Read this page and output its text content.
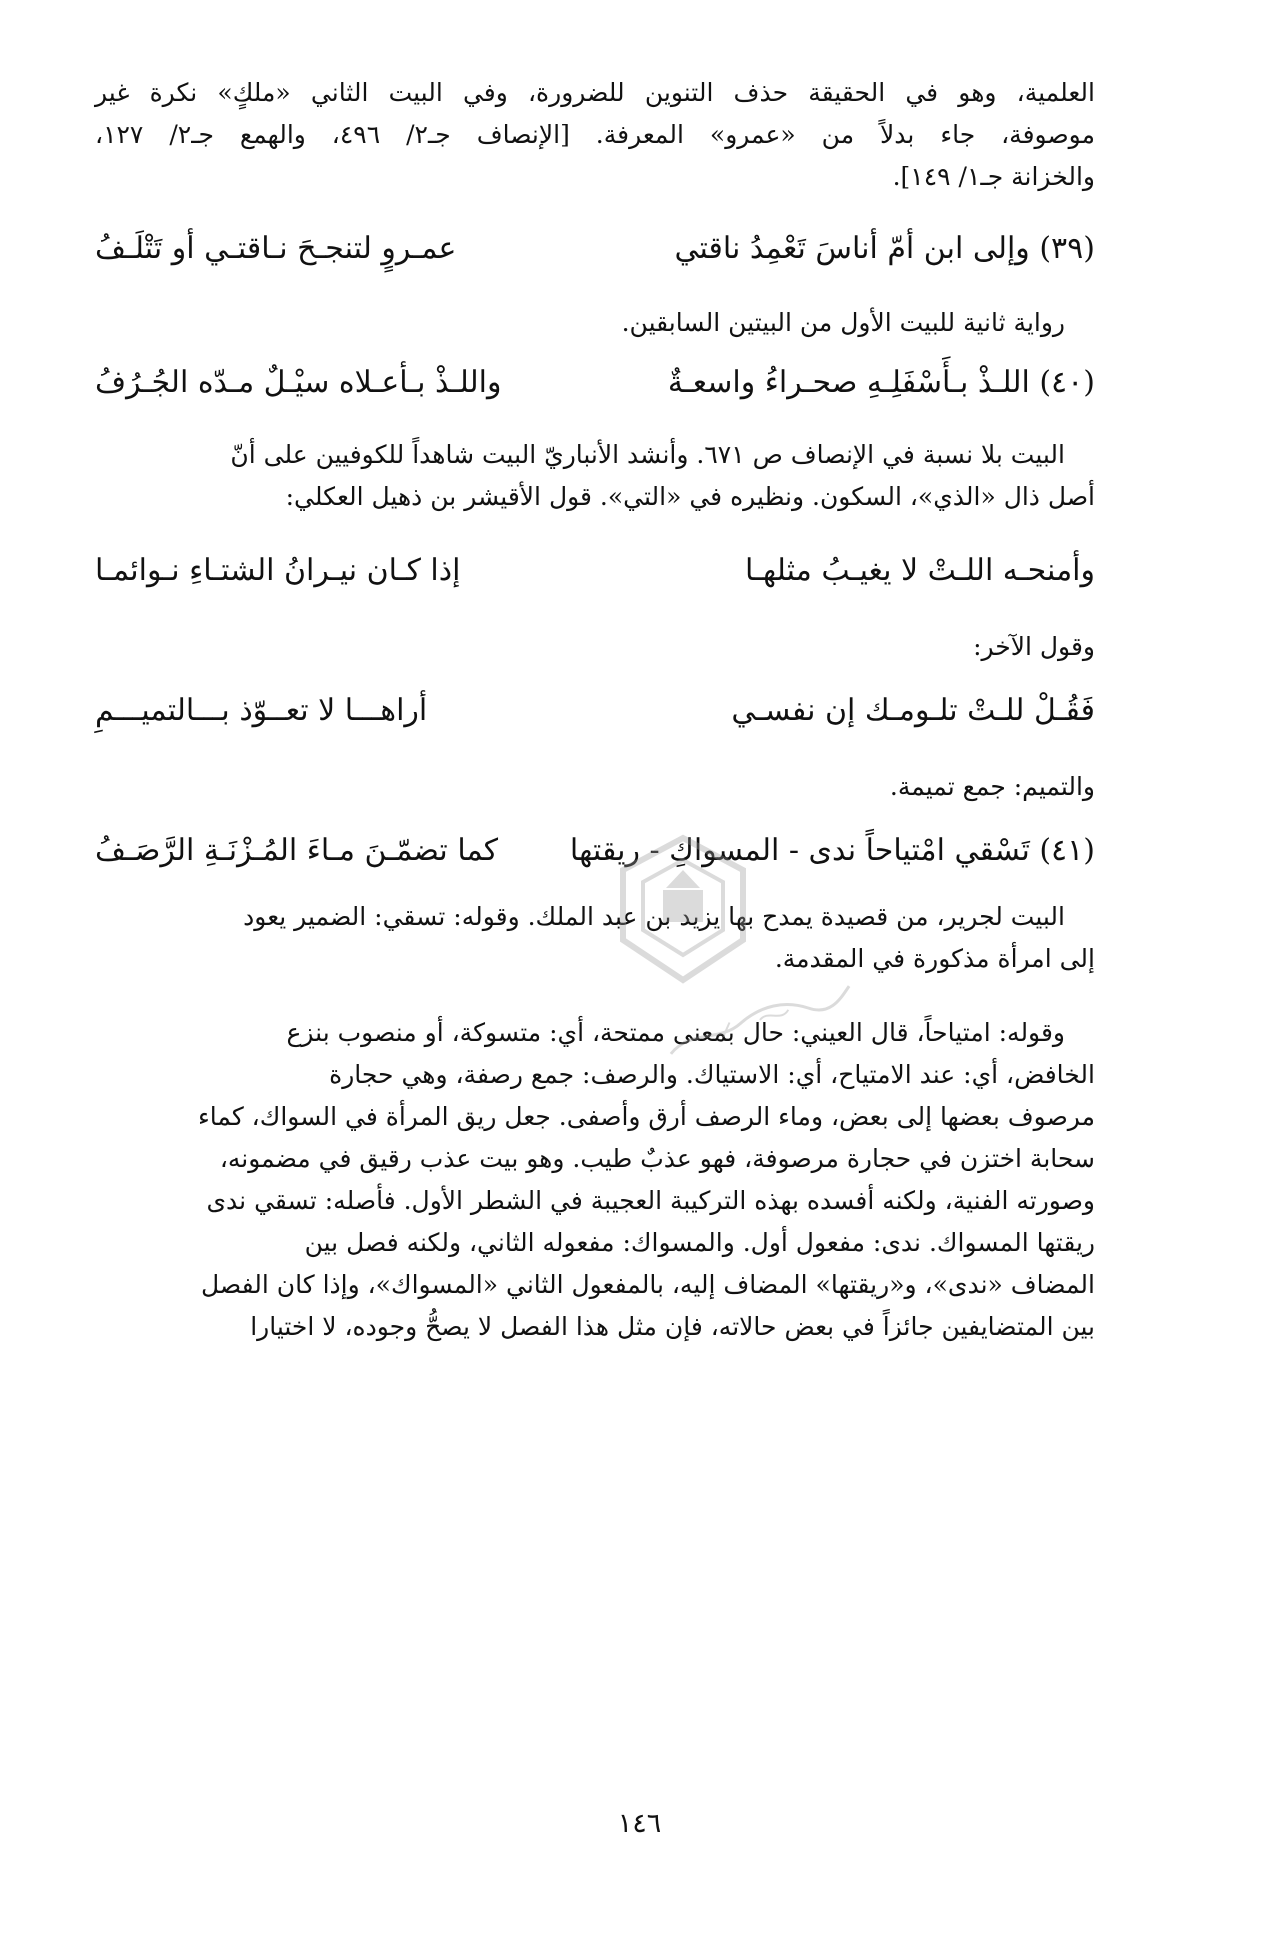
العلمية، وهو في الحقيقة حذف التنوين للضرورة، وفي البيت الثاني «ملكٍ» نكرة غير
موصوفة، جاء بدلاً من «عمرو» المعرفة. [الإنصاف جـ٢/ ٤٩٦، والهمع جـ٢/ ١٢٧،
والخزانة جـ١/ ١٤٩].
(٣٩) وإلى ابن أمّ أناسَ تَعْمِدُ ناقتي
عمـروٍ لتنجـحَ نـاقتـي أو تَتْلَـفُ
رواية ثانية للبيت الأول من البيتين السابقين.
(٤٠) اللـذْ بـأَسْفَلِـهِ صحـراءُ واسعـةٌ
واللـذْ بـأعـلاه سيْـلٌ مـدّه الجُـرُفُ
البيت بلا نسبة في الإنصاف ص ٦٧١. وأنشد الأنباريّ البيت شاهداً للكوفيين على أنّ
أصل ذال «الذي»، السكون. ونظيره في «التي». قول الأقيشر بن ذهيل العكلي:
وأمنحـه اللـتْ لا يغيـبُ مثلهـا
إذا كـان نيـرانُ الشتـاءِ نـوائمـا
وقول الآخر:
فَقُـلْ للـتْ تلـومـك إن نفسـي
أراهـــا لا تعــوّذ بـــالتميـــمِ
والتميم: جمع تميمة.
(٤١) تَسْقي امْتياحاً ندى - المسواكِ - ريقتها
كما تضمّـنَ مـاءَ المُـزْنَـةِ الرَّصَـفُ
البيت لجرير، من قصيدة يمدح بها يزيد بن عبد الملك. وقوله: تسقي: الضمير يعود
إلى امرأة مذكورة في المقدمة.
وقوله: امتياحاً، قال العيني: حال بمعنى ممتحة، أي: متسوكة، أو منصوب بنزع
الخافض، أي: عند الامتياح، أي: الاستياك. والرصف: جمع رصفة، وهي حجارة
مرصوف بعضها إلى بعض، وماء الرصف أرق وأصفى. جعل ريق المرأة في السواك، كماء
سحابة اختزن في حجارة مرصوفة، فهو عذبٌ طيب. وهو بيت عذب رقيق في مضمونه،
وصورته الفنية، ولكنه أفسده بهذه التركيبة العجيبة في الشطر الأول. فأصله: تسقي ندى
ريقتها المسواك. ندى: مفعول أول. والمسواك: مفعوله الثاني، ولكنه فصل بين
المضاف «ندى»، و«ريقتها» المضاف إليه، بالمفعول الثاني «المسواك»، وإذا كان الفصل
بين المتضايفين جائزاً في بعض حالاته، فإن مثل هذا الفصل لا يصحُّ وجوده، لا اختيارا
١٤٦
